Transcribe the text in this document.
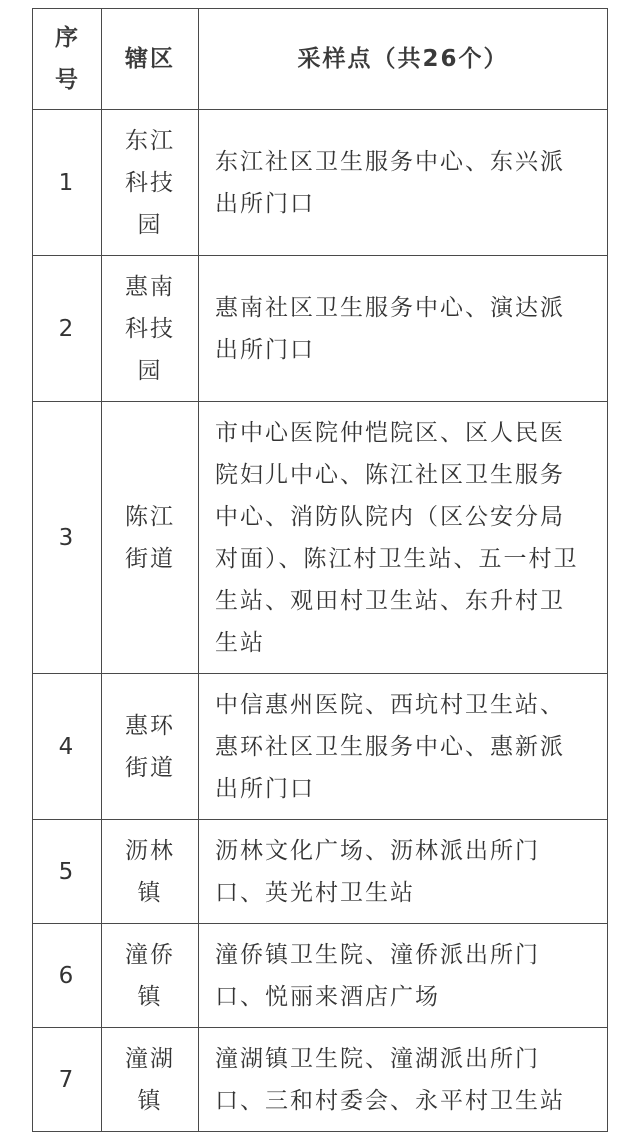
序号	辖区	采样点（共26个）
1	东江科技园	东江社区卫生服务中心、东兴派出所门口
2	惠南科技园	惠南社区卫生服务中心、演达派出所门口
3	陈江街道	市中心医院仲恺院区、区人民医院妇儿中心、陈江社区卫生服务中心、消防队院内（区公安分局对面）、陈江村卫生站、五一村卫生站、观田村卫生站、东升村卫生站
4	惠环街道	中信惠州医院、西坑村卫生站、惠环社区卫生服务中心、惠新派出所门口
5	沥林镇	沥林文化广场、沥林派出所门口、英光村卫生站
6	潼侨镇	潼侨镇卫生院、潼侨派出所门口、悦丽来酒店广场
7	潼湖镇	潼湖镇卫生院、潼湖派出所门口、三和村委会、永平村卫生站
